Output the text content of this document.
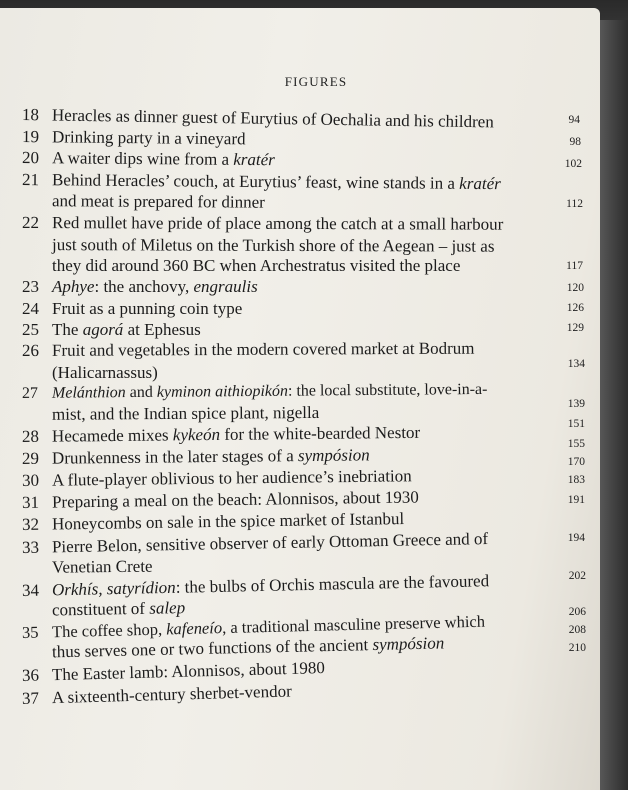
FIGURES
18 Heracles as dinner guest of Eurytius of Oechalia and his children
19 Drinking party in a vineyard
20 A waiter dips wine from a kratér
21 Behind Heracles’ couch, at Eurytius’ feast, wine stands in a kratér
and meat is prepared for dinner
22 Red mullet have pride of place among the catch at a small harbour
just south of Miletus on the Turkish shore of the Aegean – just as
they did around 360 BC when Archestratus visited the place
23 Aphye: the anchovy, engraulis
24 Fruit as a punning coin type
25 The agorá at Ephesus
26 Fruit and vegetables in the modern covered market at Bodrum
(Halicarnassus)
27 Melánthion and kyminon aithiopikón: the local substitute, love-in-a-
mist, and the Indian spice plant, nigella
28 Hecamede mixes kykeón for the white-bearded Nestor
29 Drunkenness in the later stages of a sympósion
30 A flute-player oblivious to her audience’s inebriation
31 Preparing a meal on the beach: Alonnisos, about 1930
32 Honeycombs on sale in the spice market of Istanbul
33 Pierre Belon, sensitive observer of early Ottoman Greece and of
Venetian Crete
34 Orkhís, satyrídion: the bulbs of Orchis mascula are the favoured
constituent of salep
35 The coffee shop, kafeneío, a traditional masculine preserve which
thus serves one or two functions of the ancient sympósion
36 The Easter lamb: Alonnisos, about 1980
37 A sixteenth-century sherbet-vendor
94
98
102
112
117
120
126
129
134
139
151
155
170
183
191
194
202
206
208
210
